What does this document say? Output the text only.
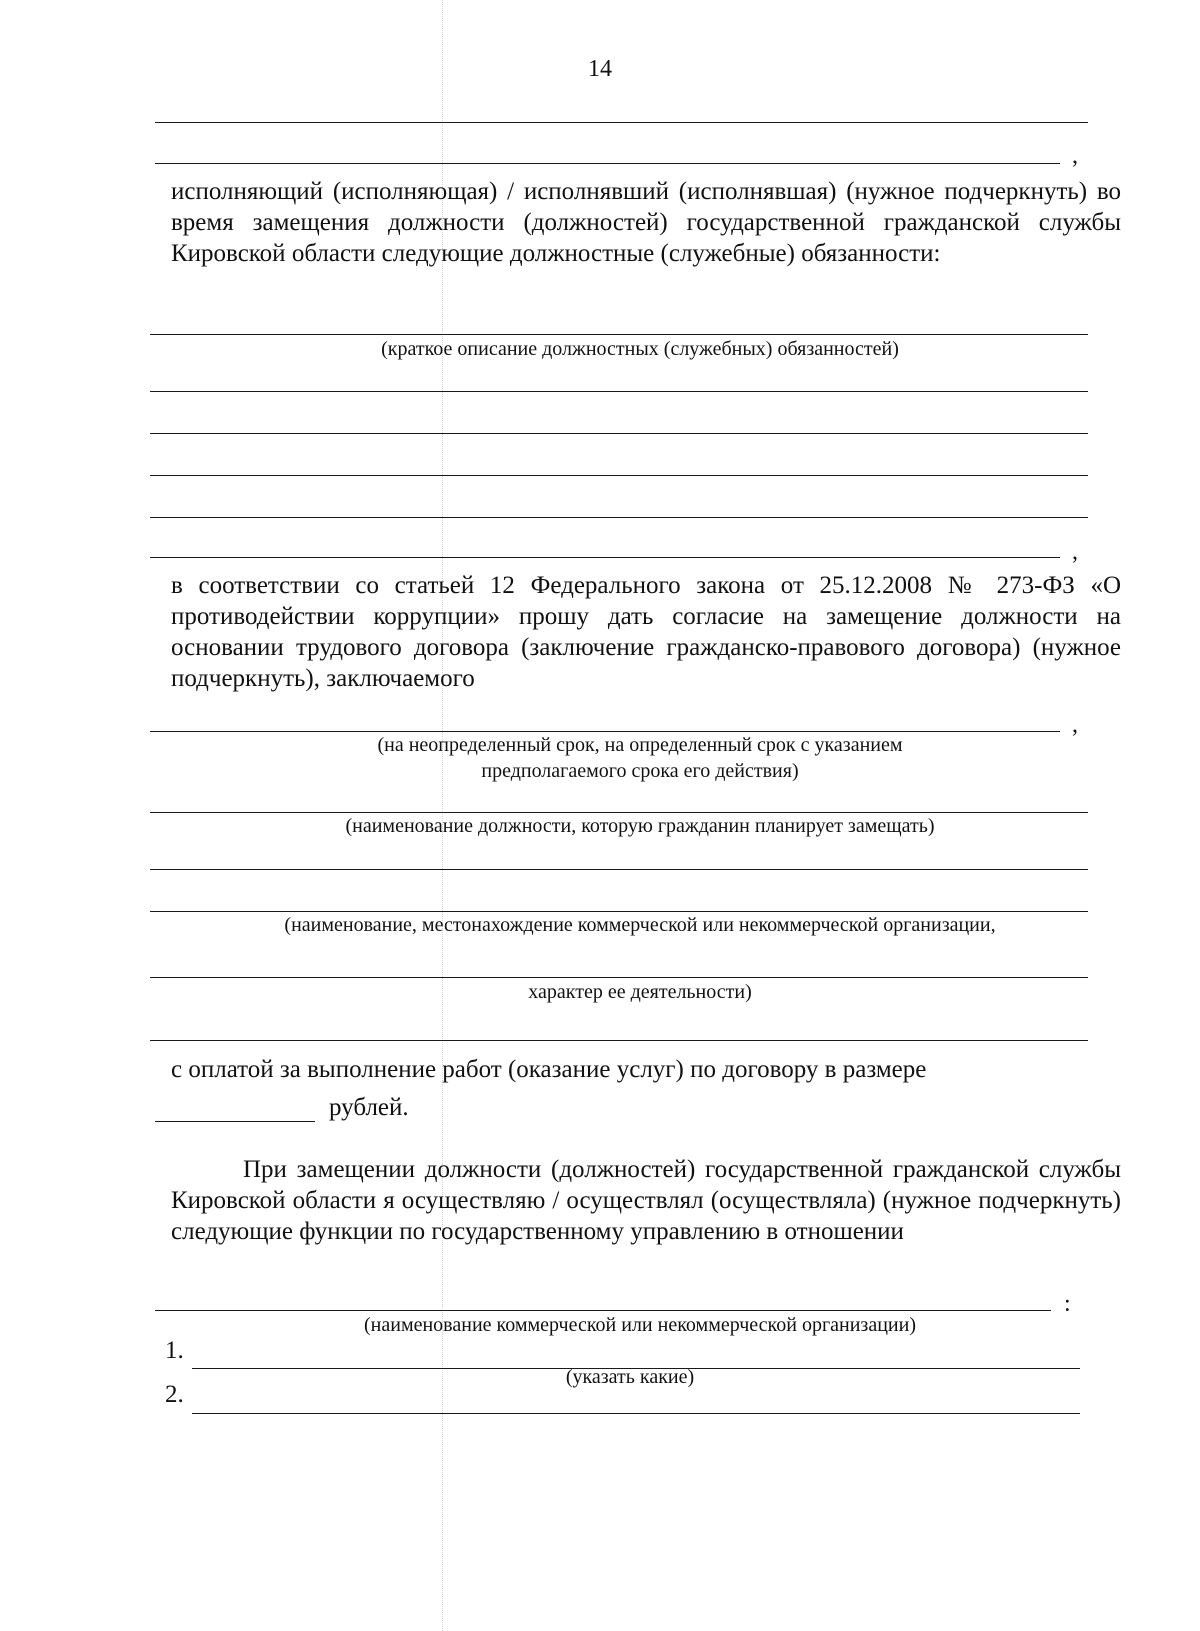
14
,
исполняющий (исполняющая) / исполнявший (исполнявшая) (нужное подчеркнуть) во время замещения должности (должностей) государственной гражданской службы Кировской области следующие должностные (служебные) обязанности:
(краткое описание должностных (служебных) обязанностей)
,
в соответствии со статьей 12 Федерального закона от 25.12.2008 № 273-ФЗ «О противодействии коррупции» прошу дать согласие на замещение должности на основании трудового договора (заключение гражданско-правового договора) (нужное подчеркнуть), заключаемого
,
(на неопределенный срок, на определенный срок с указанием
предполагаемого срока его действия)
(наименование должности, которую гражданин планирует замещать)
(наименование, местонахождение коммерческой или некоммерческой организации,
характер ее деятельности)
с оплатой за выполнение работ (оказание услуг) по договору в размере
рублей.
При замещении должности (должностей) государственной гражданской службы Кировской области я осуществляю / осуществлял (осуществляла) (нужное подчеркнуть) следующие функции по государственному управлению в отношении
:
(наименование коммерческой или некоммерческой организации)
1.
(указать какие)
2.
